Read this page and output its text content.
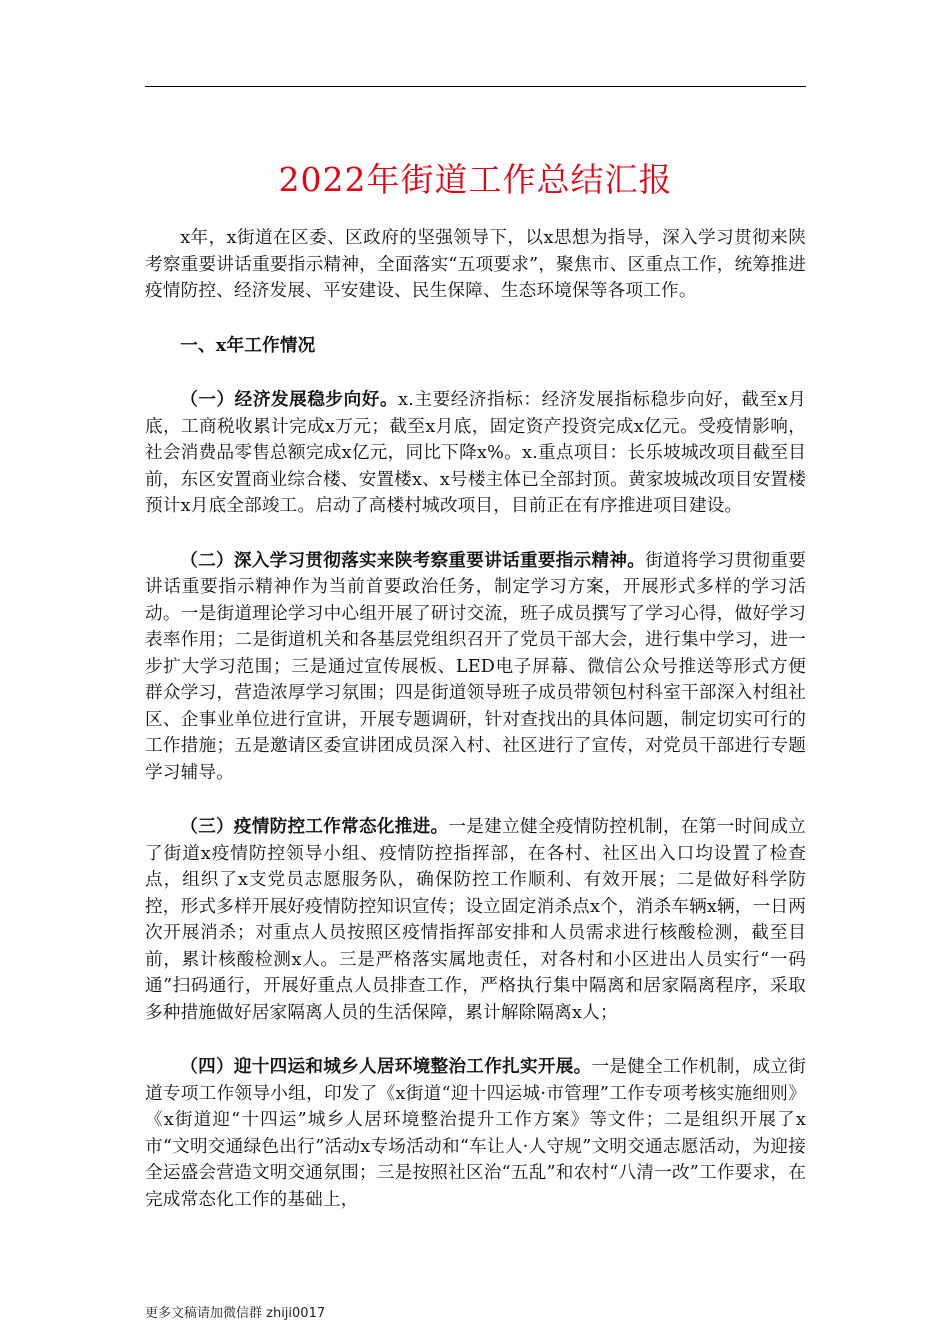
2022年街道工作总结汇报

x年，x街道在区委、区政府的坚强领导下，以x思想为指导，深入学习贯彻来陕考察重要讲话重要指示精神，全面落实“五项要求”，聚焦市、区重点工作，统筹推进疫情防控、经济发展、平安建设、民生保障、生态环境保等各项工作。

一、x年工作情况

（一）经济发展稳步向好。x.主要经济指标：经济发展指标稳步向好，截至x月底，工商税收累计完成x万元；截至x月底，固定资产投资完成x亿元。受疫情影响，社会消费品零售总额完成x亿元，同比下降x%。x.重点项目：长乐坡城改项目截至目前，东区安置商业综合楼、安置楼x、x号楼主体已全部封顶。黄家坡城改项目安置楼预计x月底全部竣工。启动了高楼村城改项目，目前正在有序推进项目建设。

（二）深入学习贯彻落实来陕考察重要讲话重要指示精神。街道将学习贯彻重要讲话重要指示精神作为当前首要政治任务，制定学习方案，开展形式多样的学习活动。一是街道理论学习中心组开展了研讨交流，班子成员撰写了学习心得，做好学习表率作用；二是街道机关和各基层党组织召开了党员干部大会，进行集中学习，进一步扩大学习范围；三是通过宣传展板、LED电子屏幕、微信公众号推送等形式方便群众学习，营造浓厚学习氛围；四是街道领导班子成员带领包村科室干部深入村组社区、企事业单位进行宣讲，开展专题调研，针对查找出的具体问题，制定切实可行的工作措施；五是邀请区委宣讲团成员深入村、社区进行了宣传，对党员干部进行专题学习辅导。

（三）疫情防控工作常态化推进。一是建立健全疫情防控机制，在第一时间成立了街道x疫情防控领导小组、疫情防控指挥部，在各村、社区出入口均设置了检查点，组织了x支党员志愿服务队，确保防控工作顺利、有效开展；二是做好科学防控，形式多样开展好疫情防控知识宣传；设立固定消杀点x个，消杀车辆x辆，一日两次开展消杀；对重点人员按照区疫情指挥部安排和人员需求进行核酸检测，截至目前，累计核酸检测x人。三是严格落实属地责任，对各村和小区进出人员实行“一码通”扫码通行，开展好重点人员排查工作，严格执行集中隔离和居家隔离程序，采取多种措施做好居家隔离人员的生活保障，累计解除隔离x人；

（四）迎十四运和城乡人居环境整治工作扎实开展。一是健全工作机制，成立街道专项工作领导小组，印发了《x街道“迎十四运城·市管理”工作专项考核实施细则》《x街道迎“十四运”城乡人居环境整治提升工作方案》等文件；二是组织开展了x市“文明交通绿色出行”活动x专场活动和“车让人·人守规”文明交通志愿活动，为迎接全运盛会营造文明交通氛围；三是按照社区治“五乱”和农村“八清一改”工作要求，在完成常态化工作的基础上，

更多文稿请加微信群 zhiji0017
